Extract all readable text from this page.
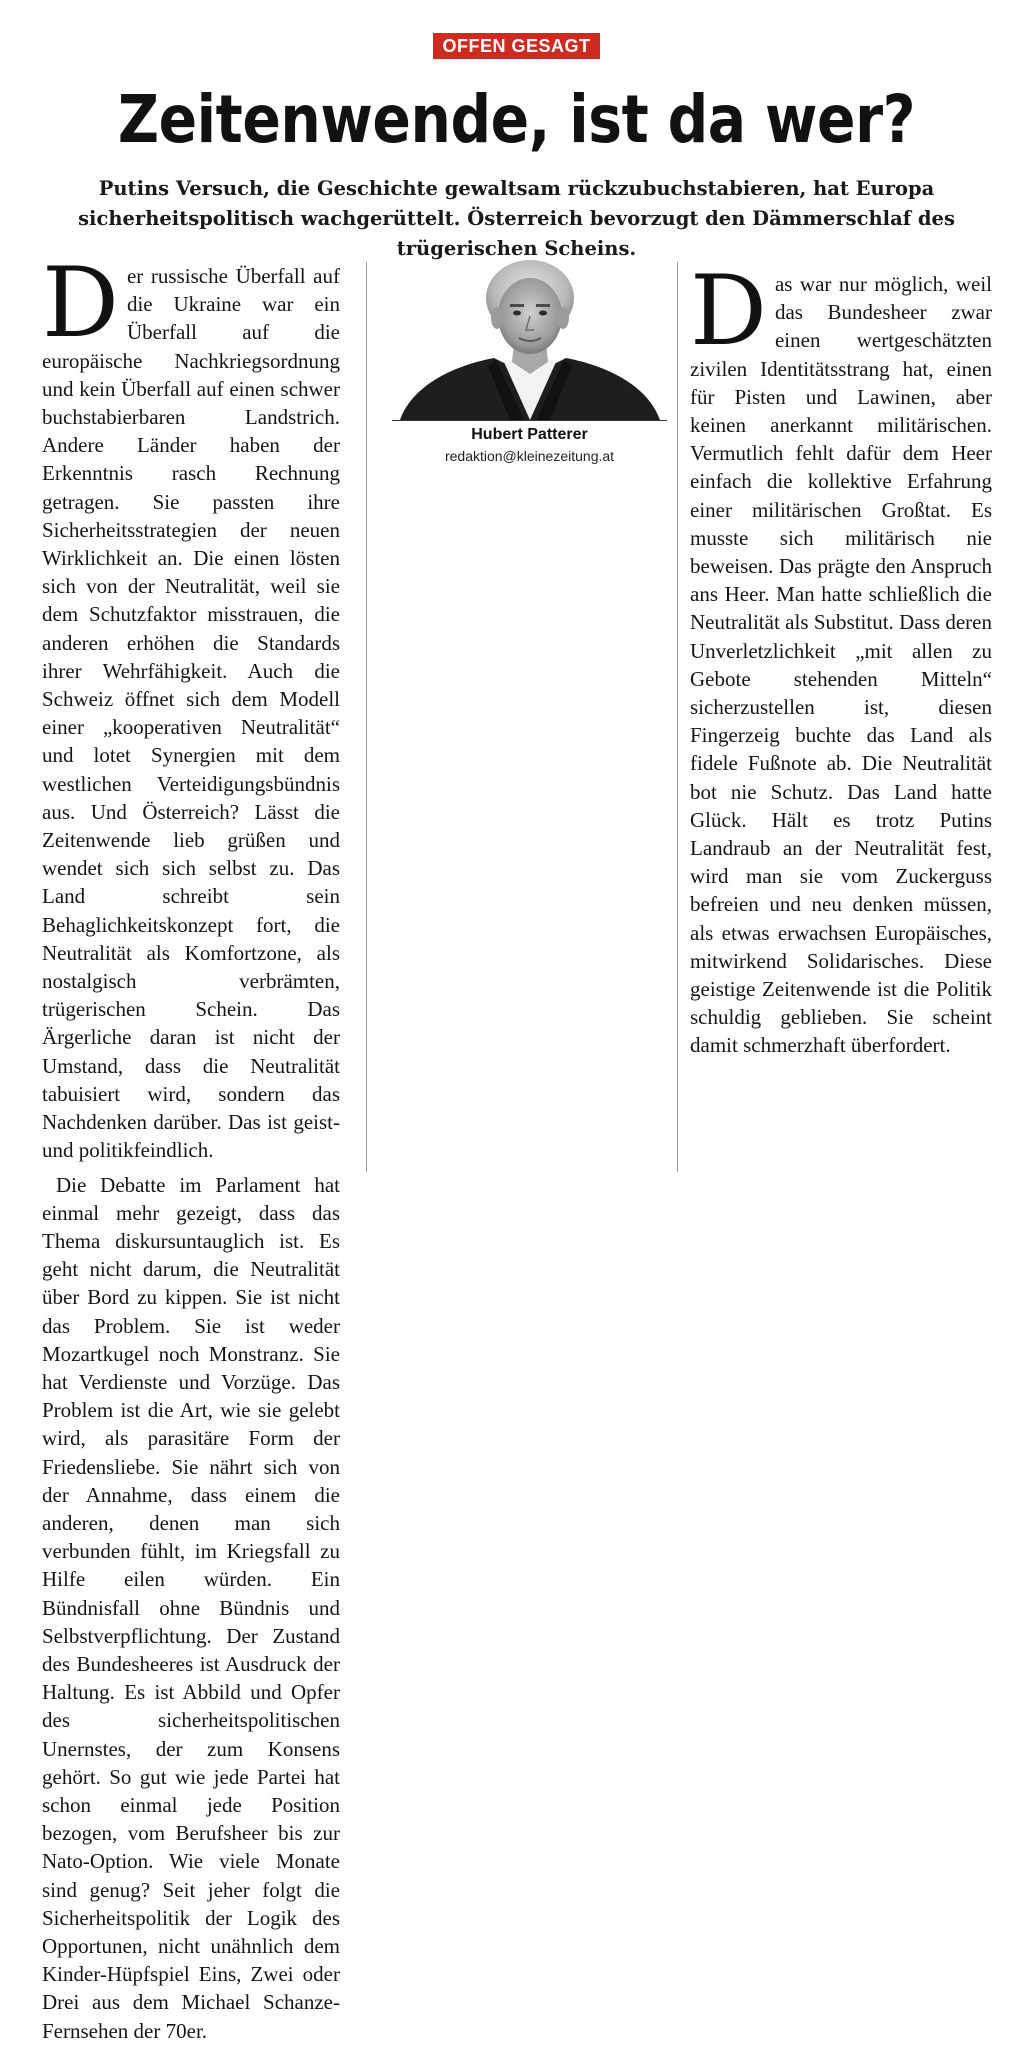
OFFEN GESAGT
Zeitenwende, ist da wer?

Putins Versuch, die Geschichte gewaltsam rückzubuchstabieren, hat Europa sicherheitspolitisch wachgerüttelt. Österreich bevorzugt den Dämmerschlaf des trügerischen Scheins.

Der russische Überfall auf die Ukraine war ein Überfall auf die europäische Nachkriegsordnung und kein Überfall auf einen schwer buchstabierbaren Landstrich. Andere Länder haben der Erkenntnis rasch Rechnung getragen. Sie passten ihre Sicherheitsstrategien der neuen Wirklichkeit an. Die einen lösten sich von der Neutralität, weil sie dem Schutzfaktor misstrauen, die anderen erhöhen die Standards ihrer Wehrfähigkeit. Auch die Schweiz öffnet sich dem Modell einer „kooperativen Neutralität“ und lotet Synergien mit dem westlichen Verteidigungsbündnis aus. Und Österreich? Lässt die Zeitenwende lieb grüßen und wendet sich sich selbst zu. Das Land schreibt sein Behaglichkeitskonzept fort, die Neutralität als Komfortzone, als nostalgisch verbrämten, trügerischen Schein. Das Ärgerliche daran ist nicht der Umstand, dass die Neutralität tabuisiert wird, sondern das Nachdenken darüber. Das ist geist- und politikfeindlich.

Die Debatte im Parlament hat einmal mehr gezeigt, dass das Thema diskursuntauglich ist. Es geht nicht darum, die Neutralität über Bord zu kippen. Sie ist nicht das Problem. Sie ist weder Mozartkugel noch Monstranz. Sie hat Verdienste und Vorzüge. Das Problem ist die Art, wie sie gelebt wird, als parasitäre Form der Friedensliebe. Sie nährt sich von der Annahme, dass einem die anderen, denen man sich verbunden fühlt, im Kriegsfall zu Hilfe eilen würden. Ein Bündnisfall ohne Bündnis und Selbstverpflichtung. Der Zustand des Bundesheeres ist Ausdruck der Haltung. Es ist Abbild und Opfer des sicherheitspolitischen Unernstes, der zum Konsens gehört. So gut wie jede Partei hat schon einmal jede Position bezogen, vom Berufsheer bis zur Nato-Option. Wie viele Monate sind genug? Seit jeher folgt die Sicherheitspolitik der Logik des Opportunen, nicht unähnlich dem Kinder-Hüpfspiel Eins, Zwei oder Drei aus dem Michael Schanze-Fernsehen der 70er.

Hubert Patterer
redaktion@kleinezeitung.at

Das war nur möglich, weil das Bundesheer zwar einen wertgeschätzten zivilen Identitätsstrang hat, einen für Pisten und Lawinen, aber keinen anerkannt militärischen. Vermutlich fehlt dafür dem Heer einfach die kollektive Erfahrung einer militärischen Großtat. Es musste sich militärisch nie beweisen. Das prägte den Anspruch ans Heer. Man hatte schließlich die Neutralität als Substitut. Dass deren Unverletzlichkeit „mit allen zu Gebote stehenden Mitteln“ sicherzustellen ist, diesen Fingerzeig buchte das Land als fidele Fußnote ab. Die Neutralität bot nie Schutz. Das Land hatte Glück. Hält es trotz Putins Landraub an der Neutralität fest, wird man sie vom Zuckerguss befreien und neu denken müssen, als etwas erwachsen Europäisches, mitwirkend Solidarisches. Diese geistige Zeitenwende ist die Politik schuldig geblieben. Sie scheint damit schmerzhaft überfordert.
